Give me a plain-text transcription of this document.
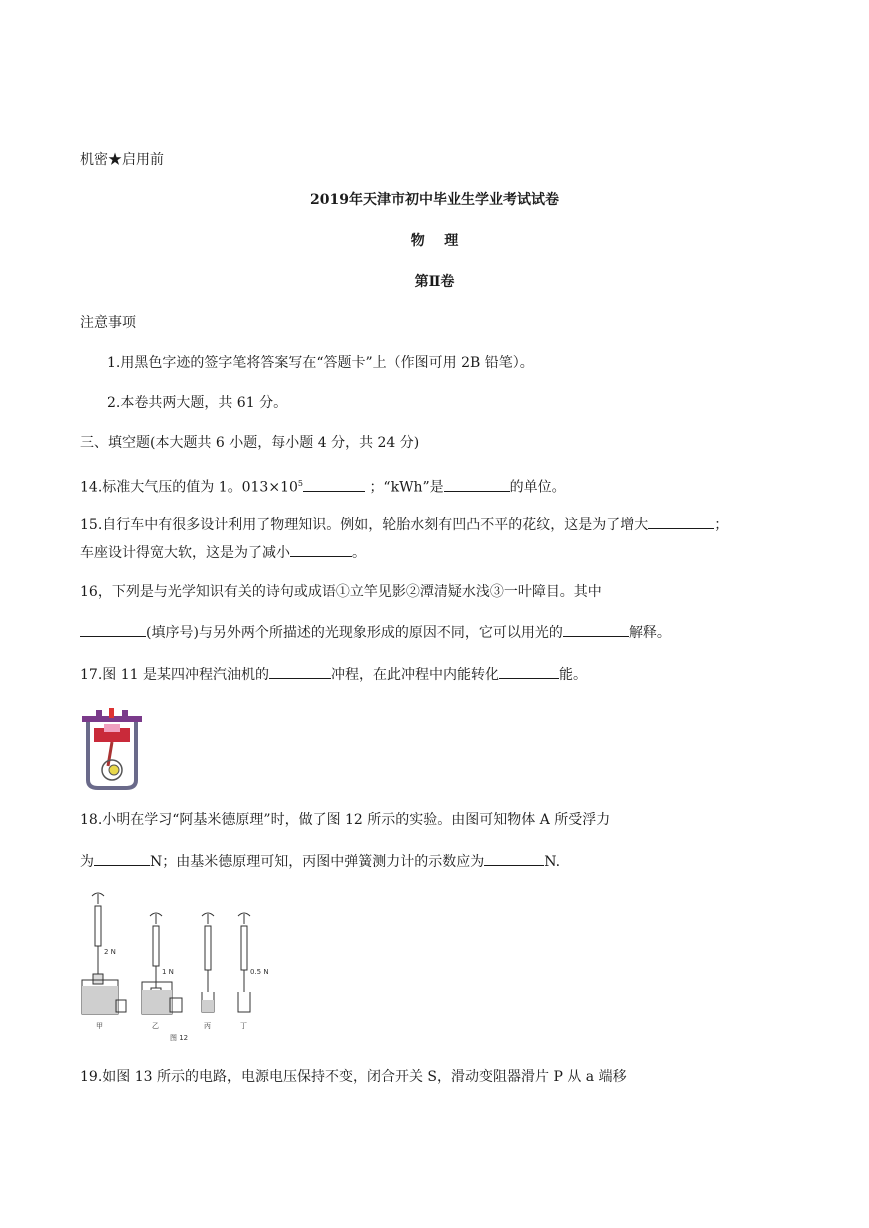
机密★启用前
2019年天津市初中毕业生学业考试试卷
物    理
第Ⅱ卷
注意事项
1.用黑色字迹的签字笔将答案写在“答题卡”上（作图可用 2B 铅笔）。
2.本卷共两大题，共 61 分。
三、填空题(本大题共 6 小题，每小题 4 分，共 24 分)
14.标准大气压的值为 1。$013\times 10^5$	；“kWh”是	的单位。
15.自行车中有很多设计利用了物理知识。例如，轮胎水刻有凹凸不平的花纹，这是为了增大	；
车座设计得宽大软，这是为了减小	。
16，下列是与光学知识有关的诗句或成语①立竿见影②潭清疑水浅③一叶障目。其中
(填序号)与另外两个所描述的光现象形成的原因不同，它可以用光的	解释。
17.图 11 是某四冲程汽油机的	冲程，在此冲程中内能转化	能。
18.小明在学习“阿基米德原理”时，做了图 12 所示的实验。由图可知物体 A 所受浮力
为	N；由基米德原理可知，丙图中弹簧测力计的示数应为	N.
2 N
1 N	0.5 N
甲	乙	丙	丁
图 12
19.如图 13 所示的电路，电源电压保持不变，闭合开关 S，滑动变阻器滑片 P 从 a 端移
